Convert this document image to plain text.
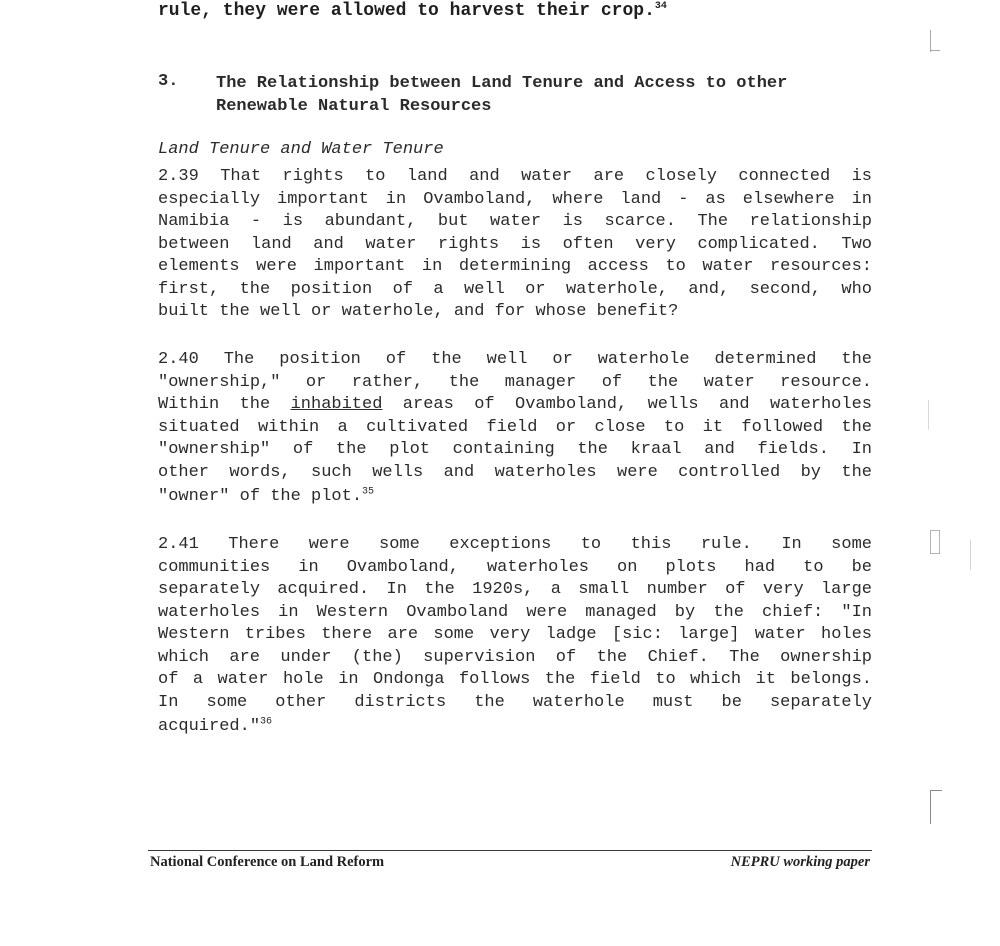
rule, they were allowed to harvest their crop.$^{34}$
3. The Relationship between Land Tenure and Access to other
Renewable Natural Resources
Land Tenure and Water Tenure
2.39 That rights to land and water are closely connected is
especially important in Ovamboland, where land - as elsewhere in
Namibia - is abundant, but water is scarce. The relationship
between land and water rights is often very complicated. Two
elements were important in determining access to water resources:
first, the position of a well or waterhole, and, second, who
built the well or waterhole, and for whose benefit?
2.40 The position of the well or waterhole determined the
"ownership," or rather, the manager of the water resource.
Within the inhabited areas of Ovamboland, wells and waterholes
situated within a cultivated field or close to it followed the
"ownership" of the plot containing the kraal and fields. In
other words, such wells and waterholes were controlled by the
"owner" of the plot.$^{35}$
2.41 There were some exceptions to this rule. In some
communities in Ovamboland, waterholes on plots had to be
separately acquired. In the 1920s, a small number of very large
waterholes in Western Ovamboland were managed by the chief: "In
Western tribes there are some very ladge [sic: large] water holes
which are under (the) supervision of the Chief. The ownership
of a water hole in Ondonga follows the field to which it belongs.
In some other districts the waterhole must be separately
acquired."$^{36}$
National Conference on Land Reform	NEPRU working paper
